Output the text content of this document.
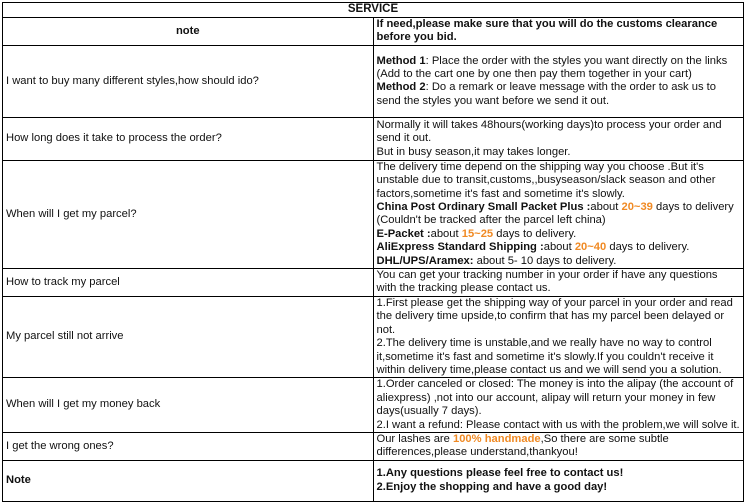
SERVICE	
note	If need,please make sure that you will do the customs clearance before you bid.
I want to buy many different styles,how should ido?	Method 1: Place the order with the styles you want directly on the links (Add to the cart one by one then pay them together in your cart)
Method 2: Do a remark or leave message with the order to ask us to send the styles you want before we send it out.

How long does it take to process the order?	Normally it will takes 48hours(working days)to process your order and send it out.
But in busy season,it may takes longer.

When will I get my parcel?	The delivery time depend on the shipping way you choose .But it's unstable due to transit,customs,,busyseason/slack season and other factors,sometime it's fast and sometime it's slowly.
China Post Ordinary Small Packet Plus :about 20~39 days to delivery (Couldn't be tracked after the parcel left china)
E-Packet :about 15~25 days to delivery.
AliExpress Standard Shipping :about 20~40 days to delivery.
DHL/UPS/Aramex: about 5- 10 days to delivery.

How to track my parcel	You can get your tracking number in your order if have any questions with the tracking please contact us.
My parcel still not arrive	1.First please get the shipping way of your parcel in your order and read the delivery time upside,to confirm that has my parcel been delayed or not.
2.The delivery time is unstable,and we really have no way to control it,sometime it's fast and sometime it's slowly.If you couldn't receive it within delivery time,please contact us and we will send you a solution.

When will I get my money back	1.Order canceled or closed: The money is into the alipay (the account of aliexpress) ,not into our account, alipay will return your money in few days(usually 7 days).
2.I want a refund: Please contact with us with the problem,we will solve it.

I get the wrong ones?	Our lashes are 100% handmade,So there are some subtle differences,please understand,thankyou!
Note	1.Any questions please feel free to contact us!
2.Enjoy the shopping and have a good day!
